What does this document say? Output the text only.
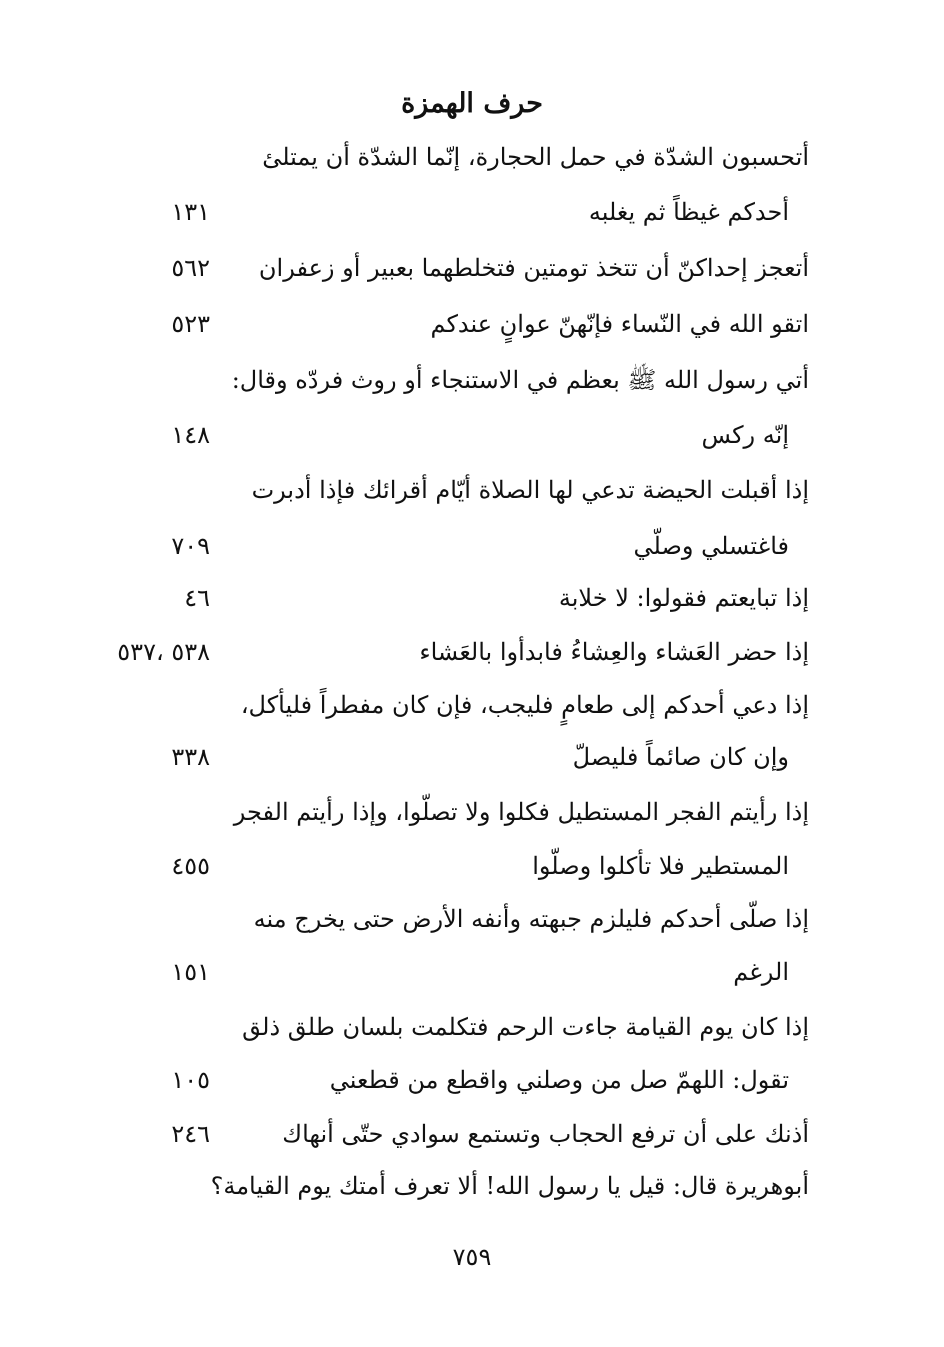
حرف الهمزة
أتحسبون الشدّة في حمل الحجارة، إنّما الشدّة أن يمتلئ
أحدكم غيظاً ثم يغلبه
١٣١
أتعجز إحداكنّ أن تتخذ تومتين فتخلطهما بعبير أو زعفران
٥٦٢
اتقو الله في النّساء فإنّهنّ عوانٍ عندكم
٥٢٣
أتي رسول الله ﷺ بعظم في الاستنجاء أو روث فردّه وقال:
إنّه ركس
١٤٨
إذا أقبلت الحيضة تدعي لها الصلاة أيّام أقرائك فإذا أدبرت
فاغتسلي وصلّي
٧٠٩
إذا تبايعتم فقولوا: لا خلابة
٤٦
إذا حضر العَشاء والعِشاءُ فابدأوا بالعَشاء
٥٣٨ ،٥٣٧
إذا دعي أحدكم إلى طعامٍ فليجب، فإن كان مفطراً فليأكل،
وإن كان صائماً فليصلّ
٣٣٨
إذا رأيتم الفجر المستطيل فكلوا ولا تصلّوا، وإذا رأيتم الفجر
المستطير فلا تأكلوا وصلّوا
٤٥٥
إذا صلّى أحدكم فليلزم جبهته وأنفه الأرض حتى يخرج منه
الرغم
١٥١
إذا كان يوم القيامة جاءت الرحم فتكلمت بلسان طلق ذلق
تقول: اللهمّ صل من وصلني واقطع من قطعني
١٠٥
أذنك على أن ترفع الحجاب وتستمع سوادي حتّى أنهاك
٢٤٦
أبوهريرة قال: قيل يا رسول الله! ألا تعرف أمتك يوم القيامة؟
٧٥٩
